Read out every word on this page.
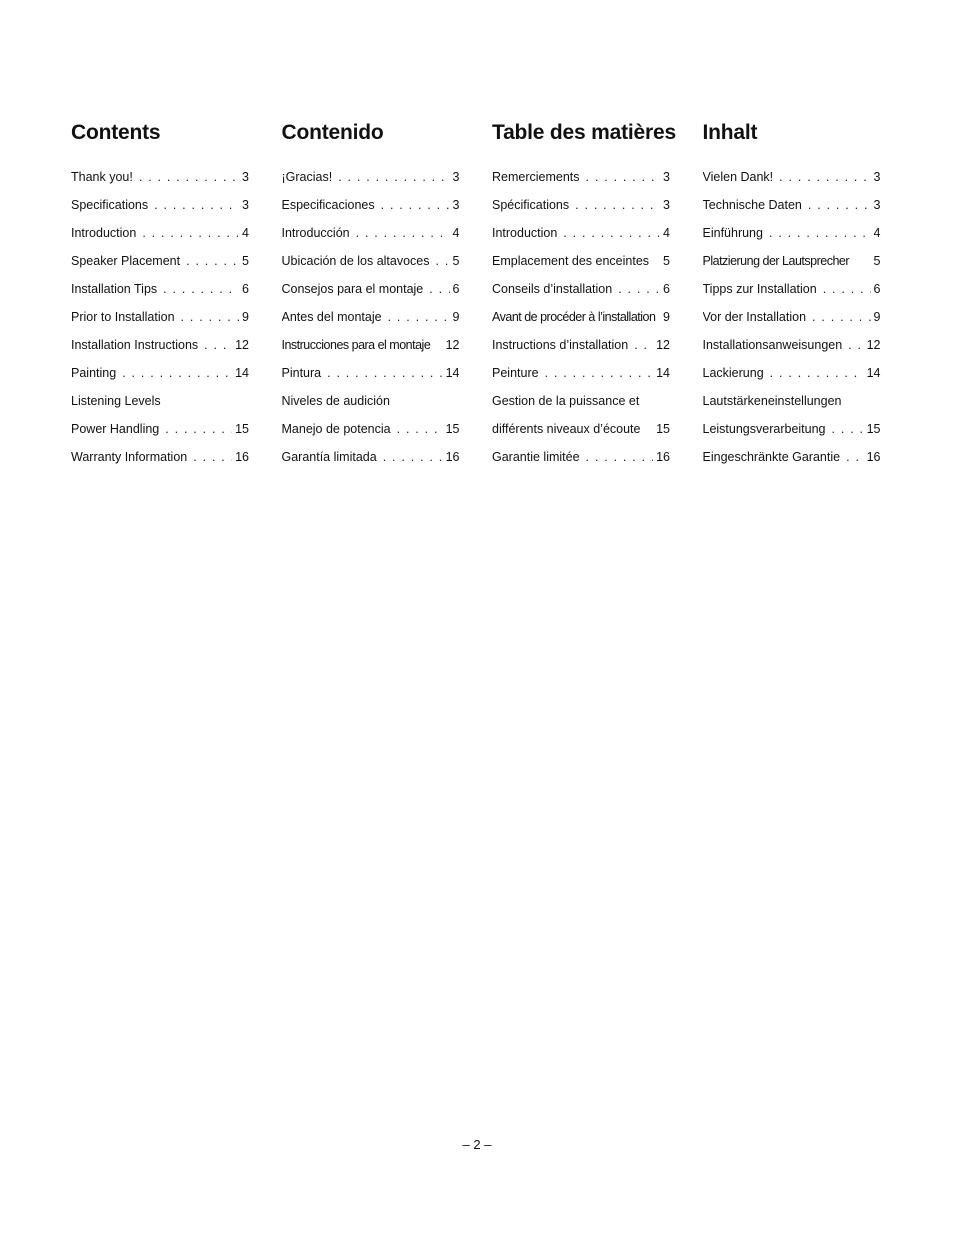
Contents
Thank you! . . .	3
Specifications . . .	3
Introduction . . .	4
Speaker Placement . . .	5
Installation Tips . . .	6
Prior to Installation . . .	9
Installation Instructions . . .	12
Painting . . .	14
Listening Levels
Power Handling . . .	15
Warranty Information . . .	16
Contenido
¡Gracias! . . .	3
Especificaciones . . .	3
Introducción . . .	4
Ubicación de los altavoces . . . 5
Consejos para el montaje . . . 6
Antes del montaje . . .	9
Instrucciones para el montaje 12
Pintura . . .	14
Niveles de audición
Manejo de potencia . . .	15
Garantía limitada . . .	16
Table des matières
Remerciements . . .	3
Spécifications . . .	3
Introduction . . .	4
Emplacement des enceintes 5
Conseils d’installation . . .	6
Avant de procéder à l’installation 9
Instructions d’installation . . . 12
Peinture . . .	14
Gestion de la puissance et
différents niveaux d’écoute 15
Garantie limitée . . .	16
Inhalt
Vielen Dank! . . .	3
Technische Daten . . .	3
Einführung . . .	4
Platzierung der Lautsprecher 5
Tipps zur Installation . . .	6
Vor der Installation . . .	9
Installationsanweisungen . . . 12
Lackierung . . .	14
Lautstärkeneinstellungen
Leistungsverarbeitung . . .	15
Eingeschränkte Garantie . . . 16
– 2 –
